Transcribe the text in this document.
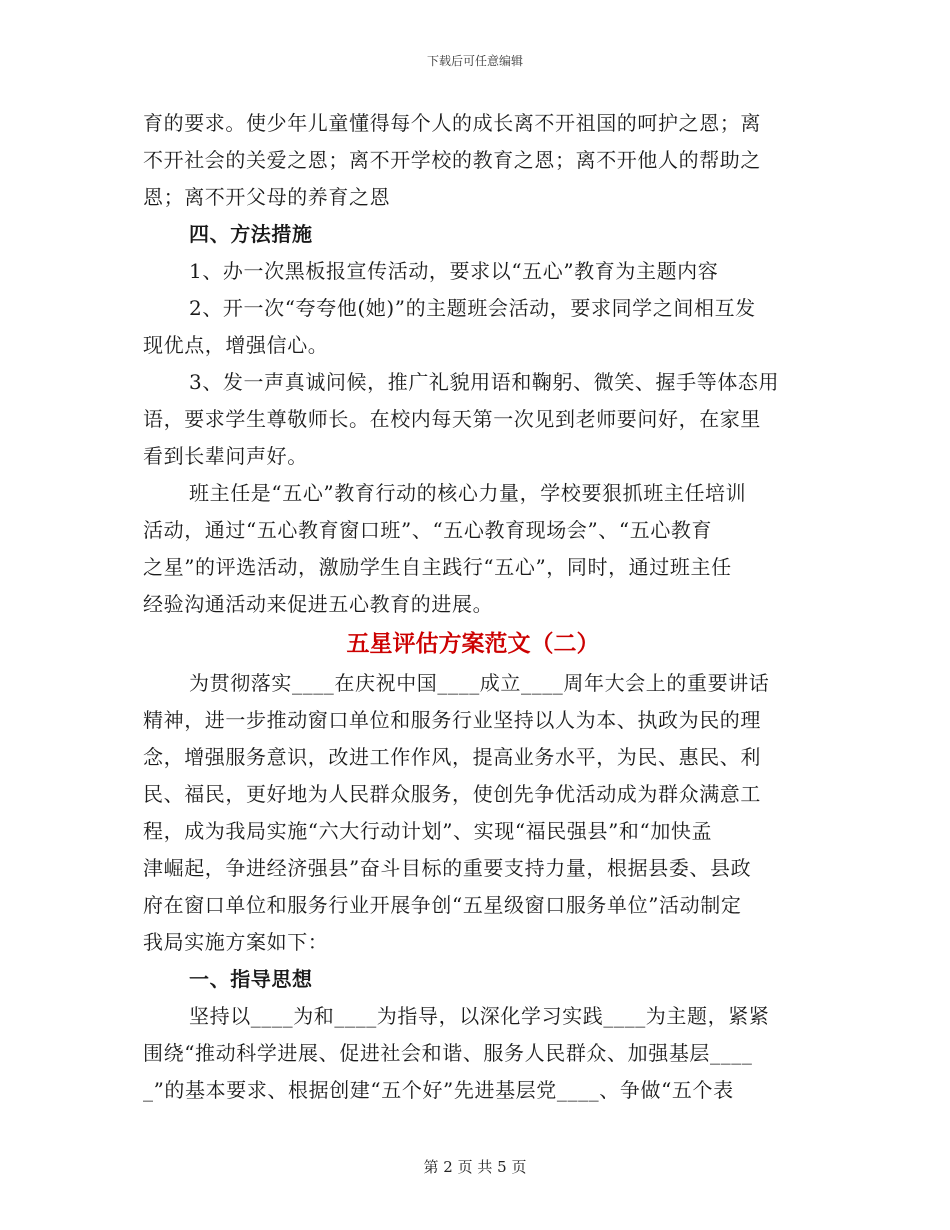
下载后可任意编辑
育的要求。使少年儿童懂得每个人的成长离不开祖国的呵护之恩；离
不开社会的关爱之恩；离不开学校的教育之恩；离不开他人的帮助之
恩；离不开父母的养育之恩
四、方法措施
1、办一次黑板报宣传活动，要求以“五心”教育为主题内容
2、开一次“夸夸他(她)”的主题班会活动，要求同学之间相互发
现优点，增强信心。
3、发一声真诚问候，推广礼貌用语和鞠躬、微笑、握手等体态用
语，要求学生尊敬师长。在校内每天第一次见到老师要问好，在家里
看到长辈问声好。
班主任是“五心”教育行动的核心力量，学校要狠抓班主任培训
活动，通过“五心教育窗口班”、“五心教育现场会”、“五心教育
之星”的评选活动，激励学生自主践行“五心”，同时，通过班主任
经验沟通活动来促进五心教育的进展。
五星评估方案范文（二）
为贯彻落实____在庆祝中国____成立____周年大会上的重要讲话
精神，进一步推动窗口单位和服务行业坚持以人为本、执政为民的理
念，增强服务意识，改进工作作风，提高业务水平，为民、惠民、利
民、福民，更好地为人民群众服务，使创先争优活动成为群众满意工
程，成为我局实施“六大行动计划”、实现“福民强县”和“加快孟
津崛起，争进经济强县”奋斗目标的重要支持力量，根据县委、县政
府在窗口单位和服务行业开展争创“五星级窗口服务单位”活动制定
我局实施方案如下：
一、指导思想
坚持以____为和____为指导，以深化学习实践____为主题，紧紧
围绕“推动科学进展、促进社会和谐、服务人民群众、加强基层____
_”的基本要求、根据创建“五个好”先进基层党____、争做“五个表
第 2 页 共 5 页
